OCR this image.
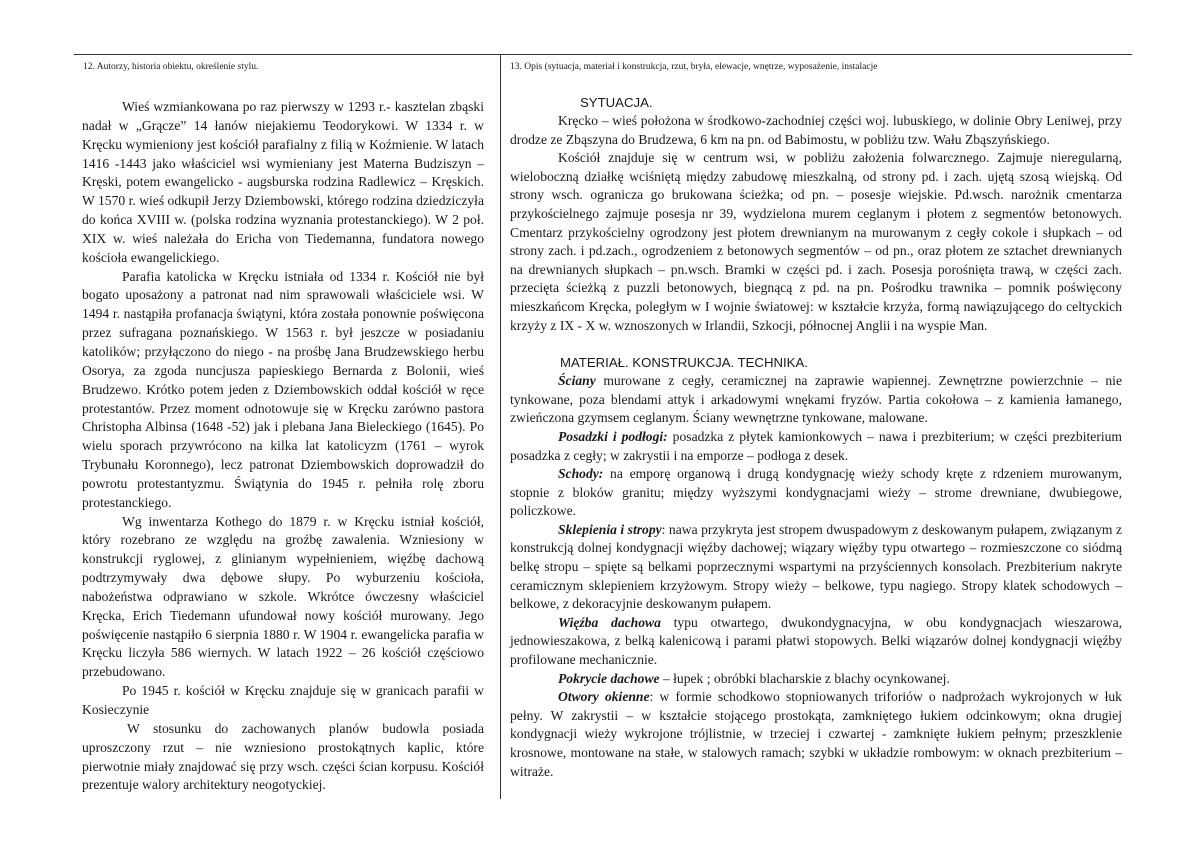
12. Autorzy, historia obiektu, określenie stylu.	13. Opis (sytuacja, materiał i konstrukcja, rzut, bryła, elewacje, wnętrze, wyposażenie, instalacje

Wieś wzmiankowana po raz pierwszy w 1293 r.- kasztelan zbąski nadał w „Grącze” 14 łanów niejakiemu Teodorykowi. W 1334 r. w Kręcku wymieniony jest kościół parafialny z filią w Koźmienie. W latach 1416 -1443 jako właściciel wsi wymieniany jest Materna Budziszyn – Kręski, potem ewangelicko - augsburska rodzina Radlewicz – Kręskich. W 1570 r. wieś odkupił Jerzy Dziembowski, którego rodzina dziedziczyła do końca XVIII w. (polska rodzina wyznania protestanckiego). W 2 poł. XIX w. wieś należała do Ericha von Tiedemanna, fundatora nowego kościoła ewangelickiego.

Parafia katolicka w Kręcku istniała od 1334 r. Kościół nie był bogato uposażony a patronat nad nim sprawowali właściciele wsi. W 1494 r. nastąpiła profanacja świątyni, która została ponownie poświęcona przez sufragana poznańskiego. W 1563 r. był jeszcze w posiadaniu katolików; przyłączono do niego - na prośbę Jana Brudzewskiego herbu Osorya, za zgoda nuncjusza papieskiego Bernarda z Bolonii, wieś Brudzewo. Krótko potem jeden z Dziembowskich oddał kościół w ręce protestantów. Przez moment odnotowuje się w Kręcku zarówno pastora Christopha Albinsa (1648 -52) jak i plebana Jana Bieleckiego (1645). Po wielu sporach przywrócono na kilka lat katolicyzm (1761 – wyrok Trybunału Koronnego), lecz patronat Dziembowskich doprowadził do powrotu protestantyzmu. Świątynia do 1945 r. pełniła rolę zboru protestanckiego.

Wg inwentarza Kothego do 1879 r. w Kręcku istniał kościół, który rozebrano ze względu na groźbę zawalenia. Wzniesiony w konstrukcji ryglowej, z glinianym wypełnieniem, więźbę dachową podtrzymywały dwa dębowe słupy. Po wyburzeniu kościoła, nabożeństwa odprawiano w szkole. Wkrótce ówczesny właściciel Kręcka, Erich Tiedemann ufundował nowy kościół murowany. Jego poświęcenie nastąpiło 6 sierpnia 1880 r. W 1904 r. ewangelicka parafia w Kręcku liczyła 586 wiernych. W latach 1922 – 26 kościół częściowo przebudowano.

Po 1945 r. kościół w Kręcku znajduje się w granicach parafii w Kosieczynie

W stosunku do zachowanych planów budowla posiada uproszczony rzut – nie wzniesiono prostokątnych kaplic, które pierwotnie miały znajdować się przy wsch. części ścian korpusu. Kościół prezentuje walory architektury neogotyckiej.

SYTUACJA.

Kręcko – wieś położona w środkowo-zachodniej części woj. lubuskiego, w dolinie Obry Leniwej, przy drodze ze Zbąszyna do Brudzewa, 6 km na pn. od Babimostu, w pobliżu tzw. Wału Zbąszyńskiego.

Kościół znajduje się w centrum wsi, w pobliżu założenia folwarcznego. Zajmuje nieregularną, wieloboczną działkę wciśniętą między zabudowę mieszkalną, od strony pd. i zach. ujętą szosą wiejską. Od strony wsch. ogranicza go brukowana ścieżka; od pn. – posesje wiejskie. Pd.wsch. narożnik cmentarza przykościelnego zajmuje posesja nr 39, wydzielona murem ceglanym i płotem z segmentów betonowych. Cmentarz przykościelny ogrodzony jest płotem drewnianym na murowanym z cegły cokole i słupkach – od strony zach. i pd.zach., ogrodzeniem z betonowych segmentów – od pn., oraz płotem ze sztachet drewnianych na drewnianych słupkach – pn.wsch. Bramki w części pd. i zach. Posesja porośnięta trawą, w części zach. przecięta ścieżką z puzzli betonowych, biegnącą z pd. na pn. Pośrodku trawnika – pomnik poświęcony mieszkańcom Kręcka, poległym w I wojnie światowej: w kształcie krzyża, formą nawiązującego do celtyckich krzyży z IX - X w. wznoszonych w Irlandii, Szkocji, północnej Anglii i na wyspie Man.

MATERIAŁ. KONSTRUKCJA. TECHNIKA.

Ściany murowane z cegły, ceramicznej na zaprawie wapiennej. Zewnętrzne powierzchnie – nie tynkowane, poza blendami attyk i arkadowymi wnękami fryzów. Partia cokołowa – z kamienia łamanego, zwieńczona gzymsem ceglanym. Ściany wewnętrzne tynkowane, malowane.

Posadzki i podłogi: posadzka z płytek kamionkowych – nawa i prezbiterium; w części prezbiterium posadzka z cegły; w zakrystii i na emporze – podłoga z desek.

Schody: na emporę organową i drugą kondygnację wieży schody kręte z rdzeniem murowanym, stopnie z bloków granitu; między wyższymi kondygnacjami wieży – strome drewniane, dwubiegowe, policzkowe.

Sklepienia i stropy: nawa przykryta jest stropem dwuspadowym z deskowanym pułapem, związanym z konstrukcją dolnej kondygnacji więźby dachowej; wiązary więźby typu otwartego – rozmieszczone co siódmą belkę stropu – spięte są belkami poprzecznymi wspartymi na przyściennych konsolach. Prezbiterium nakryte ceramicznym sklepieniem krzyżowym. Stropy wieży – belkowe, typu nagiego. Stropy klatek schodowych – belkowe, z dekoracyjnie deskowanym pułapem.

Więźba dachowa typu otwartego, dwukondygnacyjna, w obu kondygnacjach wieszarowa, jednowieszakowa, z belką kalenicową i parami płatwi stopowych. Belki wiązarów dolnej kondygnacji więźby profilowane mechanicznie.

Pokrycie dachowe – łupek ; obróbki blacharskie z blachy ocynkowanej.

Otwory okienne: w formie schodkowo stopniowanych triforiów o nadprożach wykrojonych w łuk pełny. W zakrystii – w kształcie stojącego prostokąta, zamkniętego łukiem odcinkowym; okna drugiej kondygnacji wieży wykrojone trójlistnie, w trzeciej i czwartej - zamknięte łukiem pełnym; przeszklenie krosnowe, montowane na stałe, w stalowych ramach; szybki w układzie rombowym: w oknach prezbiterium – witraże.
